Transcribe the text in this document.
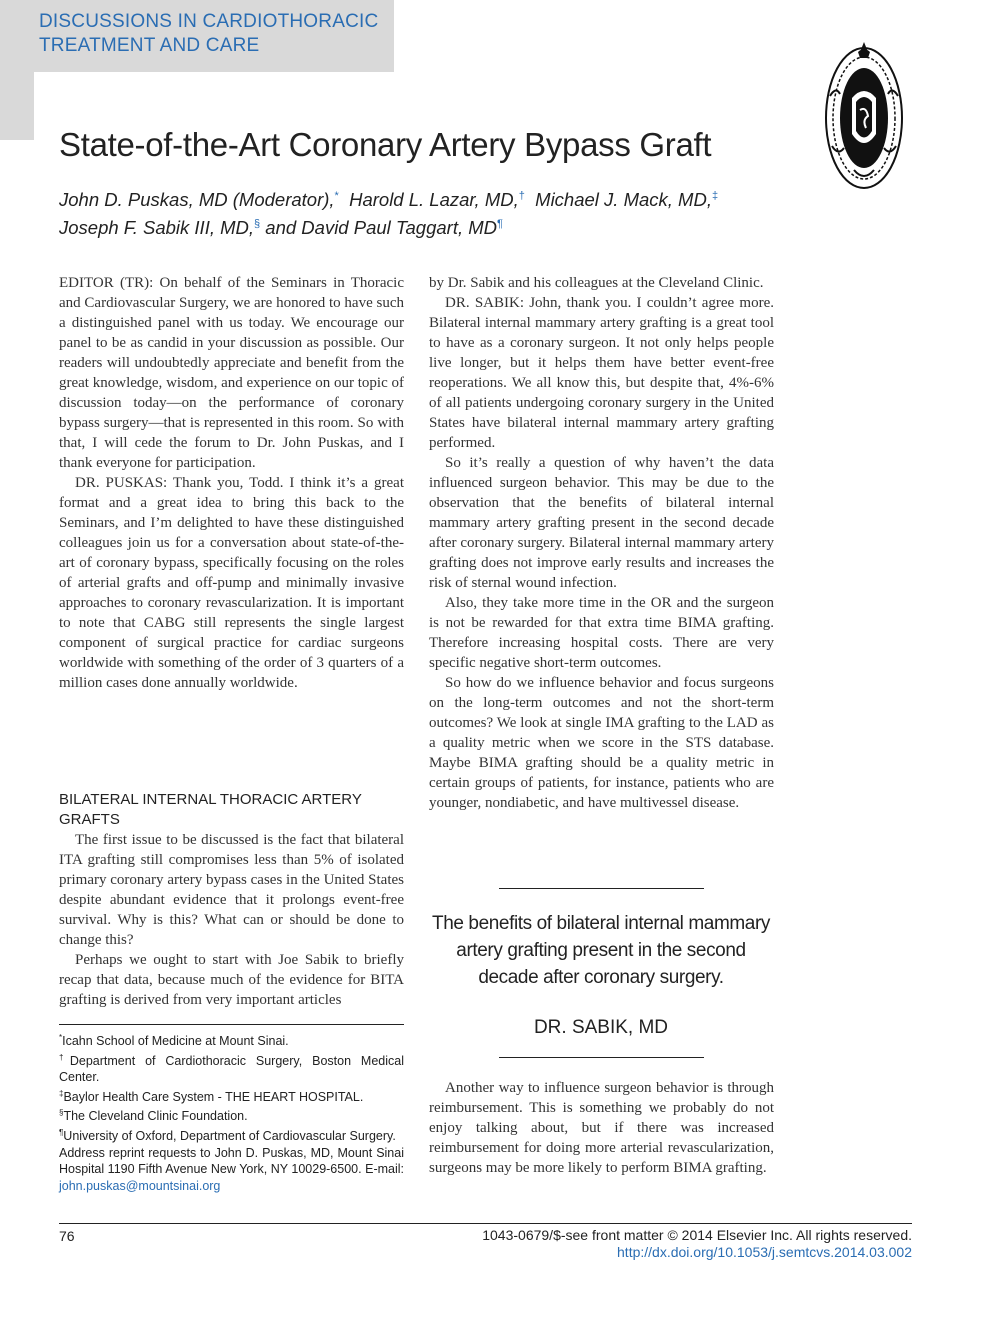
DISCUSSIONS IN CARDIOTHORACIC
TREATMENT AND CARE
State-of-the-Art Coronary Artery Bypass Graft
John D. Puskas, MD (Moderator),* Harold L. Lazar, MD,† Michael J. Mack, MD,‡
Joseph F. Sabik III, MD,§ and David Paul Taggart, MD¶

EDITOR (TR): On behalf of the Seminars in Thoracic and Cardiovascular Surgery, we are honored to have such a distinguished panel with us today. We encourage our panel to be as candid in your discussion as possible. Our readers will undoubtedly appreciate and benefit from the great knowledge, wisdom, and experience on our topic of discussion today—on the performance of coronary bypass surgery—that is represented in this room. So with that, I will cede the forum to Dr. John Puskas, and I thank everyone for participation.

DR. PUSKAS: Thank you, Todd. I think it’s a great format and a great idea to bring this back to the Seminars, and I’m delighted to have these distinguished colleagues join us for a conversation about state-of-the-art of coronary bypass, specifically focusing on the roles of arterial grafts and off-pump and minimally invasive approaches to coronary revascularization. It is important to note that CABG still represents the single largest component of surgical practice for cardiac surgeons worldwide with something of the order of 3 quarters of a million cases done annually worldwide.

BILATERAL INTERNAL THORACIC ARTERY GRAFTS

The first issue to be discussed is the fact that bilateral ITA grafting still compromises less than 5% of isolated primary coronary artery bypass cases in the United States despite abundant evidence that it prolongs event-free survival. Why is this? What can or should be done to change this?

Perhaps we ought to start with Joe Sabik to briefly recap that data, because much of the evidence for BITA grafting is derived from very important articles

by Dr. Sabik and his colleagues at the Cleveland Clinic.

DR. SABIK: John, thank you. I couldn’t agree more. Bilateral internal mammary artery grafting is a great tool to have as a coronary surgeon. It not only helps people live longer, but it helps them have better event-free reoperations. We all know this, but despite that, 4%-6% of all patients undergoing coronary surgery in the United States have bilateral internal mammary artery grafting performed.

So it’s really a question of why haven’t the data influenced surgeon behavior. This may be due to the observation that the benefits of bilateral internal mammary artery grafting present in the second decade after coronary surgery. Bilateral internal mammary artery grafting does not improve early results and increases the risk of sternal wound infection.

Also, they take more time in the OR and the surgeon is not be rewarded for that extra time BIMA grafting. Therefore increasing hospital costs. There are very specific negative short-term outcomes.

So how do we influence behavior and focus surgeons on the long-term outcomes and not the short-term outcomes? We look at single IMA grafting to the LAD as a quality metric when we score in the STS database. Maybe BIMA grafting should be a quality metric in certain groups of patients, for instance, patients who are younger, nondiabetic, and have multivessel disease.

The benefits of bilateral internal mammary artery grafting present in the second decade after coronary surgery.
DR. SABIK, MD

Another way to influence surgeon behavior is through reimbursement. This is something we probably do not enjoy talking about, but if there was increased reimbursement for doing more arterial revascularization, surgeons may be more likely to perform BIMA grafting.

*Icahn School of Medicine at Mount Sinai.

†Department of Cardiothoracic Surgery, Boston Medical Center.

‡Baylor Health Care System - THE HEART HOSPITAL.

§The Cleveland Clinic Foundation.

¶University of Oxford, Department of Cardiovascular Surgery.

Address reprint requests to John D. Puskas, MD, Mount Sinai Hospital 1190 Fifth Avenue New York, NY 10029-6500. E-mail: john.puskas@mountsinai.org

76	1043-0679/$-see front matter © 2014 Elsevier Inc. All rights reserved.
http://dx.doi.org/10.1053/j.semtcvs.2014.03.002
